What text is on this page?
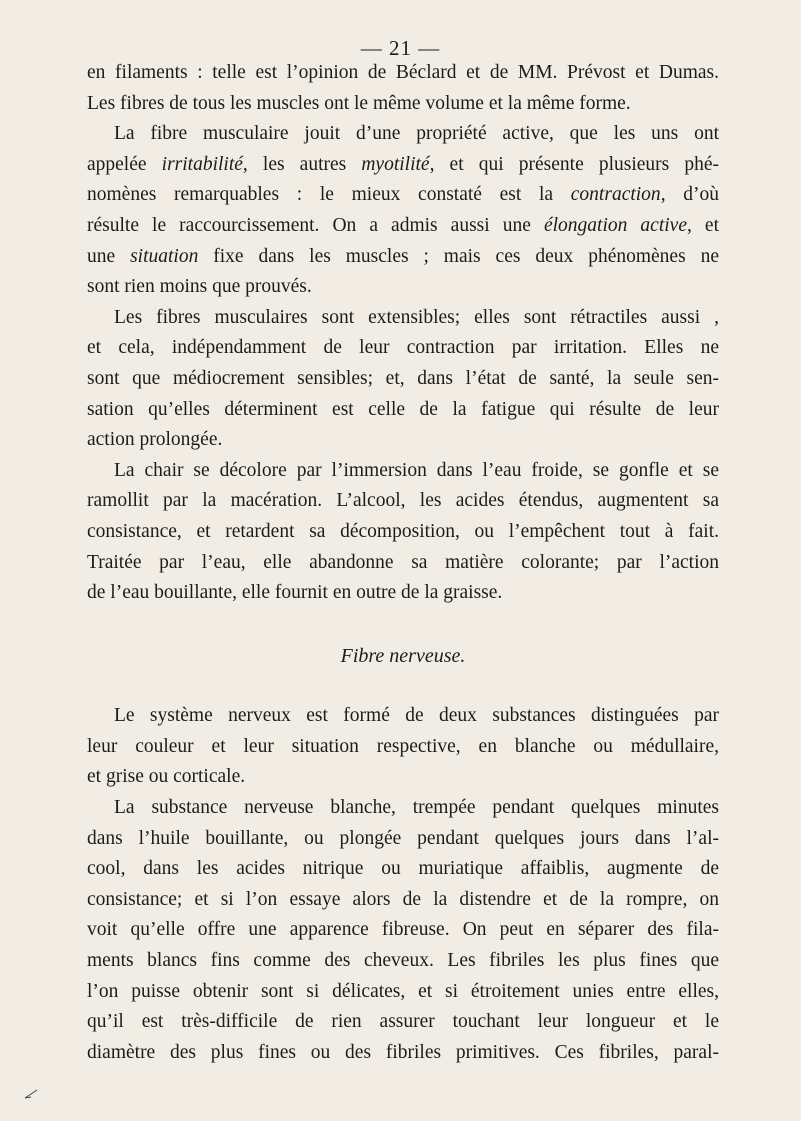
— 21 —

en filaments : telle est l’opinion de Béclard et de MM. Prévost et Dumas.
Les fibres de tous les muscles ont le même volume et la même forme.

La fibre musculaire jouit d’une propriété active, que les uns ont
appelée irritabilité, les autres myotilité, et qui présente plusieurs phé-
nomènes remarquables : le mieux constaté est la contraction, d’où
résulte le raccourcissement. On a admis aussi une élongation active, et
une situation fixe dans les muscles ; mais ces deux phénomènes ne
sont rien moins que prouvés.

Les fibres musculaires sont extensibles; elles sont rétractiles aussi ,
et cela, indépendamment de leur contraction par irritation. Elles ne
sont que médiocrement sensibles; et, dans l’état de santé, la seule sen-
sation qu’elles déterminent est celle de la fatigue qui résulte de leur
action prolongée.

La chair se décolore par l’immersion dans l’eau froide, se gonfle et se
ramollit par la macération. L’alcool, les acides étendus, augmentent sa
consistance, et retardent sa décomposition, ou l’empêchent tout à fait.
Traitée par l’eau, elle abandonne sa matière colorante; par l’action
de l’eau bouillante, elle fournit en outre de la graisse.

Fibre nerveuse.

Le système nerveux est formé de deux substances distinguées par
leur couleur et leur situation respective, en blanche ou médullaire,
et grise ou corticale.

La substance nerveuse blanche, trempée pendant quelques minutes
dans l’huile bouillante, ou plongée pendant quelques jours dans l’al-
cool, dans les acides nitrique ou muriatique affaiblis, augmente de
consistance; et si l’on essaye alors de la distendre et de la rompre, on
voit qu’elle offre une apparence fibreuse. On peut en séparer des fila-
ments blancs fins comme des cheveux. Les fibriles les plus fines que
l’on puisse obtenir sont si délicates, et si étroitement unies entre elles,
qu’il est très-difficile de rien assurer touchant leur longueur et le
diamètre des plus fines ou des fibriles primitives. Ces fibriles, paral-
